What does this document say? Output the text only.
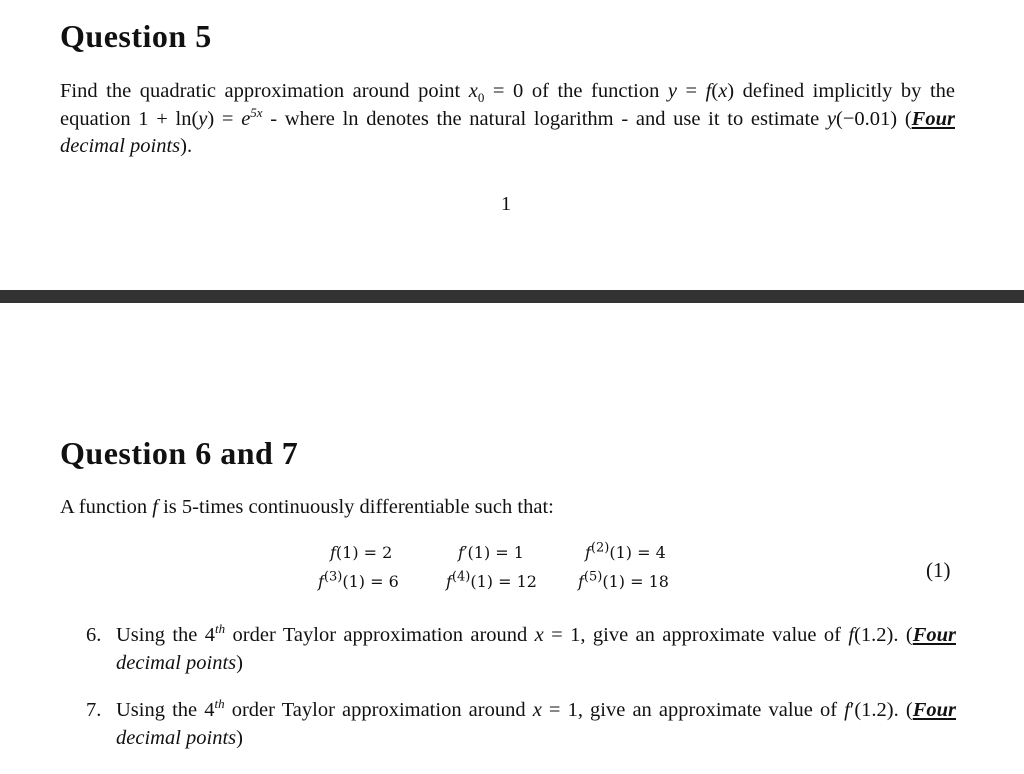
Question 5
Find the quadratic approximation around point $x_0 = 0$ of the function y = f(x) defined implicitly by the equation $1 + \ln(y) = e^{5x}$ - where ln denotes the natural logarithm - and use it to estimate y(−0.01) (Four decimal points).
1
Question 6 and 7
A function f is 5-times continuously differentiable such that:
f(1) = 2	f′(1) = 1	$f^{(2)}(1) = 4$
$f^{(3)}(1) = 6$	$f^{(4)}(1) = 12$	$f^{(5)}(1) = 18$	(1)
6. Using the 4th order Taylor approximation around x = 1, give an approximate value of f(1.2). (Four decimal points)
7. Using the 4th order Taylor approximation around x = 1, give an approximate value of f′(1.2). (Four decimal points)
